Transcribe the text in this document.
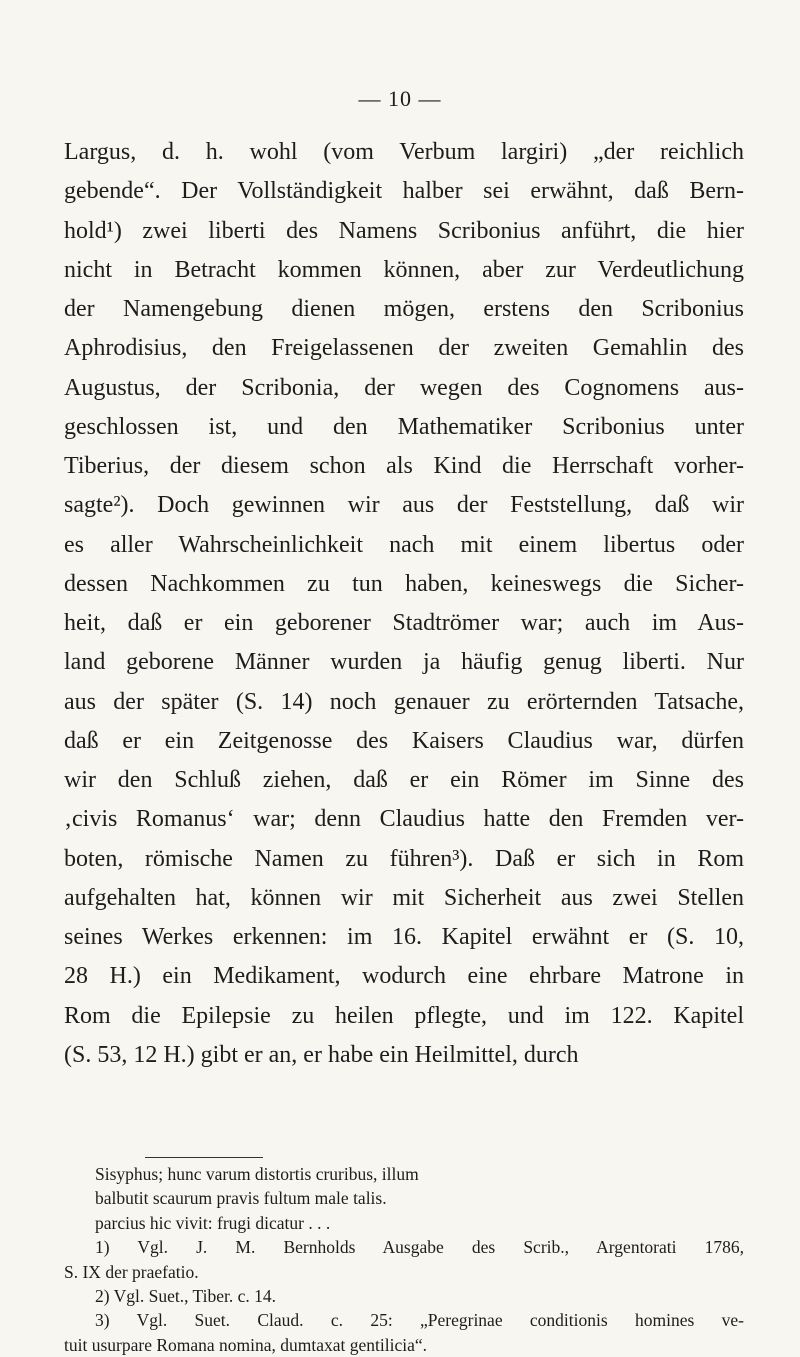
— 10 —
Largus, d. h. wohl (vom Verbum largiri) „der reichlich
gebende“. Der Vollständigkeit halber sei erwähnt, daß Bern-
hold¹) zwei liberti des Namens Scribonius anführt, die hier
nicht in Betracht kommen können, aber zur Verdeutlichung
der Namengebung dienen mögen, erstens den Scribonius
Aphrodisius, den Freigelassenen der zweiten Gemahlin des
Augustus, der Scribonia, der wegen des Cognomens aus-
geschlossen ist, und den Mathematiker Scribonius unter
Tiberius, der diesem schon als Kind die Herrschaft vorher-
sagte²). Doch gewinnen wir aus der Feststellung, daß wir
es aller Wahrscheinlichkeit nach mit einem libertus oder
dessen Nachkommen zu tun haben, keineswegs die Sicher-
heit, daß er ein geborener Stadtrömer war; auch im Aus-
land geborene Männer wurden ja häufig genug liberti. Nur
aus der später (S. 14) noch genauer zu erörternden Tatsache,
daß er ein Zeitgenosse des Kaisers Claudius war, dürfen
wir den Schluß ziehen, daß er ein Römer im Sinne des
‚civis Romanus‘ war; denn Claudius hatte den Fremden ver-
boten, römische Namen zu führen³). Daß er sich in Rom
aufgehalten hat, können wir mit Sicherheit aus zwei Stellen
seines Werkes erkennen: im 16. Kapitel erwähnt er (S. 10,
28 H.) ein Medikament, wodurch eine ehrbare Matrone in
Rom die Epilepsie zu heilen pflegte, und im 122. Kapitel
(S. 53, 12 H.) gibt er an, er habe ein Heilmittel, durch
Sisyphus; hunc varum distortis cruribus, illum
balbutit scaurum pravis fultum male talis.
parcius hic vivit: frugi dicatur . . .
1) Vgl. J. M. Bernholds Ausgabe des Scrib., Argentorati 1786,
S. IX der praefatio.
2) Vgl. Suet., Tiber. c. 14.
3) Vgl. Suet. Claud. c. 25: „Peregrinae conditionis homines ve-
tuit usurpare Romana nomina, dumtaxat gentilicia“.
